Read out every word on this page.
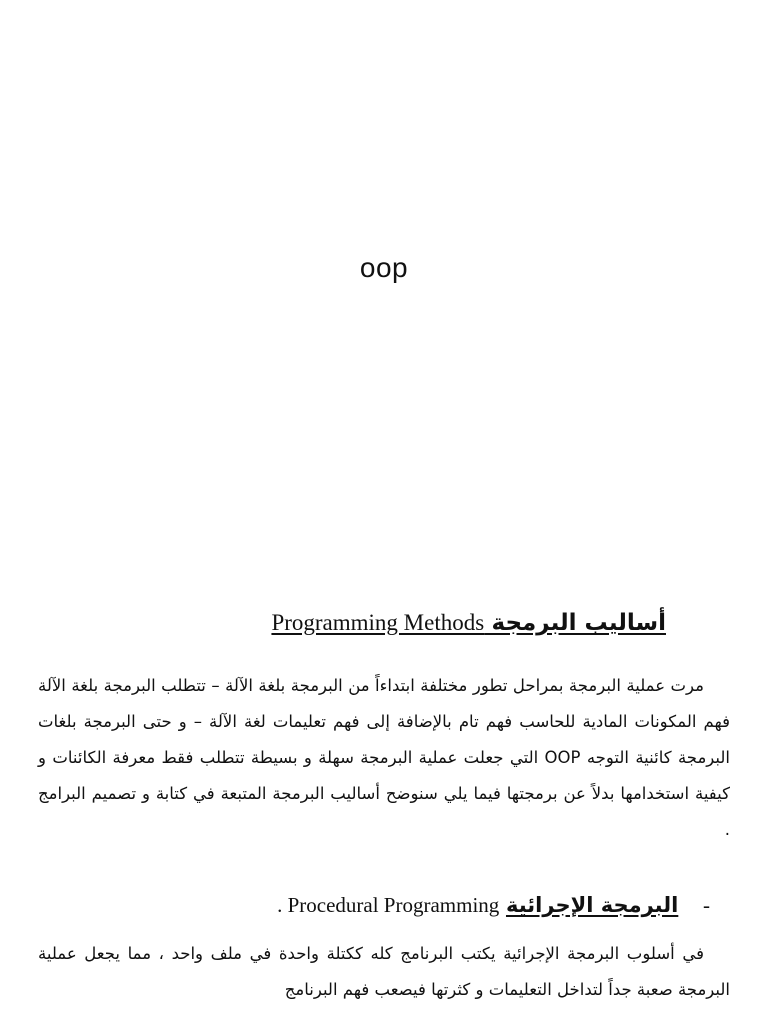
oop
أساليب البرمجة Programming Methods

مرت عملية البرمجة بمراحل تطور مختلفة ابتداءاً من البرمجة بلغة الآلة – تتطلب البرمجة بلغة الآلة فهم المكونات المادية للحاسب فهم تام بالإضافة إلى فهم تعليمات لغة الآلة – و حتى البرمجة بلغات البرمجة كائنية التوجه OOP التي جعلت عملية البرمجة سهلة و بسيطة تتطلب فقط معرفة الكائنات و كيفية استخدامها بدلاً عن برمجتها فيما يلي سنوضح أساليب البرمجة المتبعة في كتابة و تصميم البرامج .

- البرمجة الإجرائية Procedural Programming .

في أسلوب البرمجة الإجرائية يكتب البرنامج كله ككتلة واحدة في ملف واحد ، مما يجعل عملية البرمجة صعبة جداً لتداخل التعليمات و كثرتها فيصعب فهم البرنامج
